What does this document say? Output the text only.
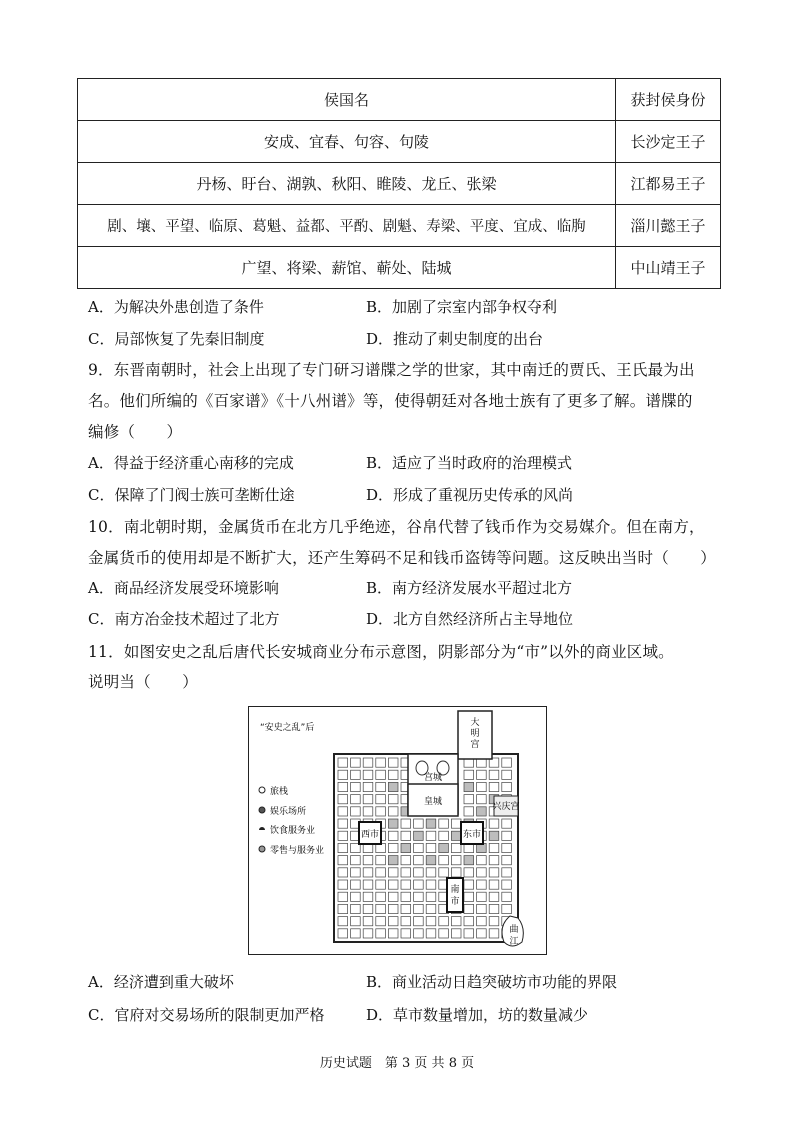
侯国名	获封侯身份
安成、宜春、句容、句陵	长沙定王子
丹杨、盱台、湖孰、秋阳、睢陵、龙丘、张梁	江都易王子
剧、壤、平望、临原、葛魁、益都、平酌、剧魁、寿梁、平度、宜成、临朐	淄川懿王子
广望、将梁、薪馆、蕲处、陆城	中山靖王子
A．为解决外患创造了条件	B．加剧了宗室内部争权夺利
C．局部恢复了先秦旧制度	D．推动了刺史制度的出台
9．东晋南朝时，社会上出现了专门研习谱牒之学的世家，其中南迁的贾氏、王氏最为出
名。他们所编的《百家谱》《十八州谱》等，使得朝廷对各地士族有了更多了解。谱牒的
编修（　　）
A．得益于经济重心南移的完成	B．适应了当时政府的治理模式
C．保障了门阀士族可垄断仕途	D．形成了重视历史传承的风尚
10．南北朝时期，金属货币在北方几乎绝迹，谷帛代替了钱币作为交易媒介。但在南方，
金属货币的使用却是不断扩大，还产生筹码不足和钱币盗铸等问题。这反映出当时（　　）
A．商品经济发展受环境影响	B．南方经济发展水平超过北方
C．南方冶金技术超过了北方	D．北方自然经济所占主导地位
11．如图安史之乱后唐代长安城商业分布示意图，阴影部分为“市”以外的商业区域。
说明当（　　）
“安史之乱”后	大
明
宫
宫城
皇城
西市	东市
南
市
兴庆宫
曲
江
旅栈
娱乐场所
饮食服务业
零售与服务业
A．经济遭到重大破坏	B．商业活动日趋突破坊市功能的界限
C．官府对交易场所的限制更加严格	D．草市数量增加，坊的数量减少
历史试题　第 3 页 共 8 页
